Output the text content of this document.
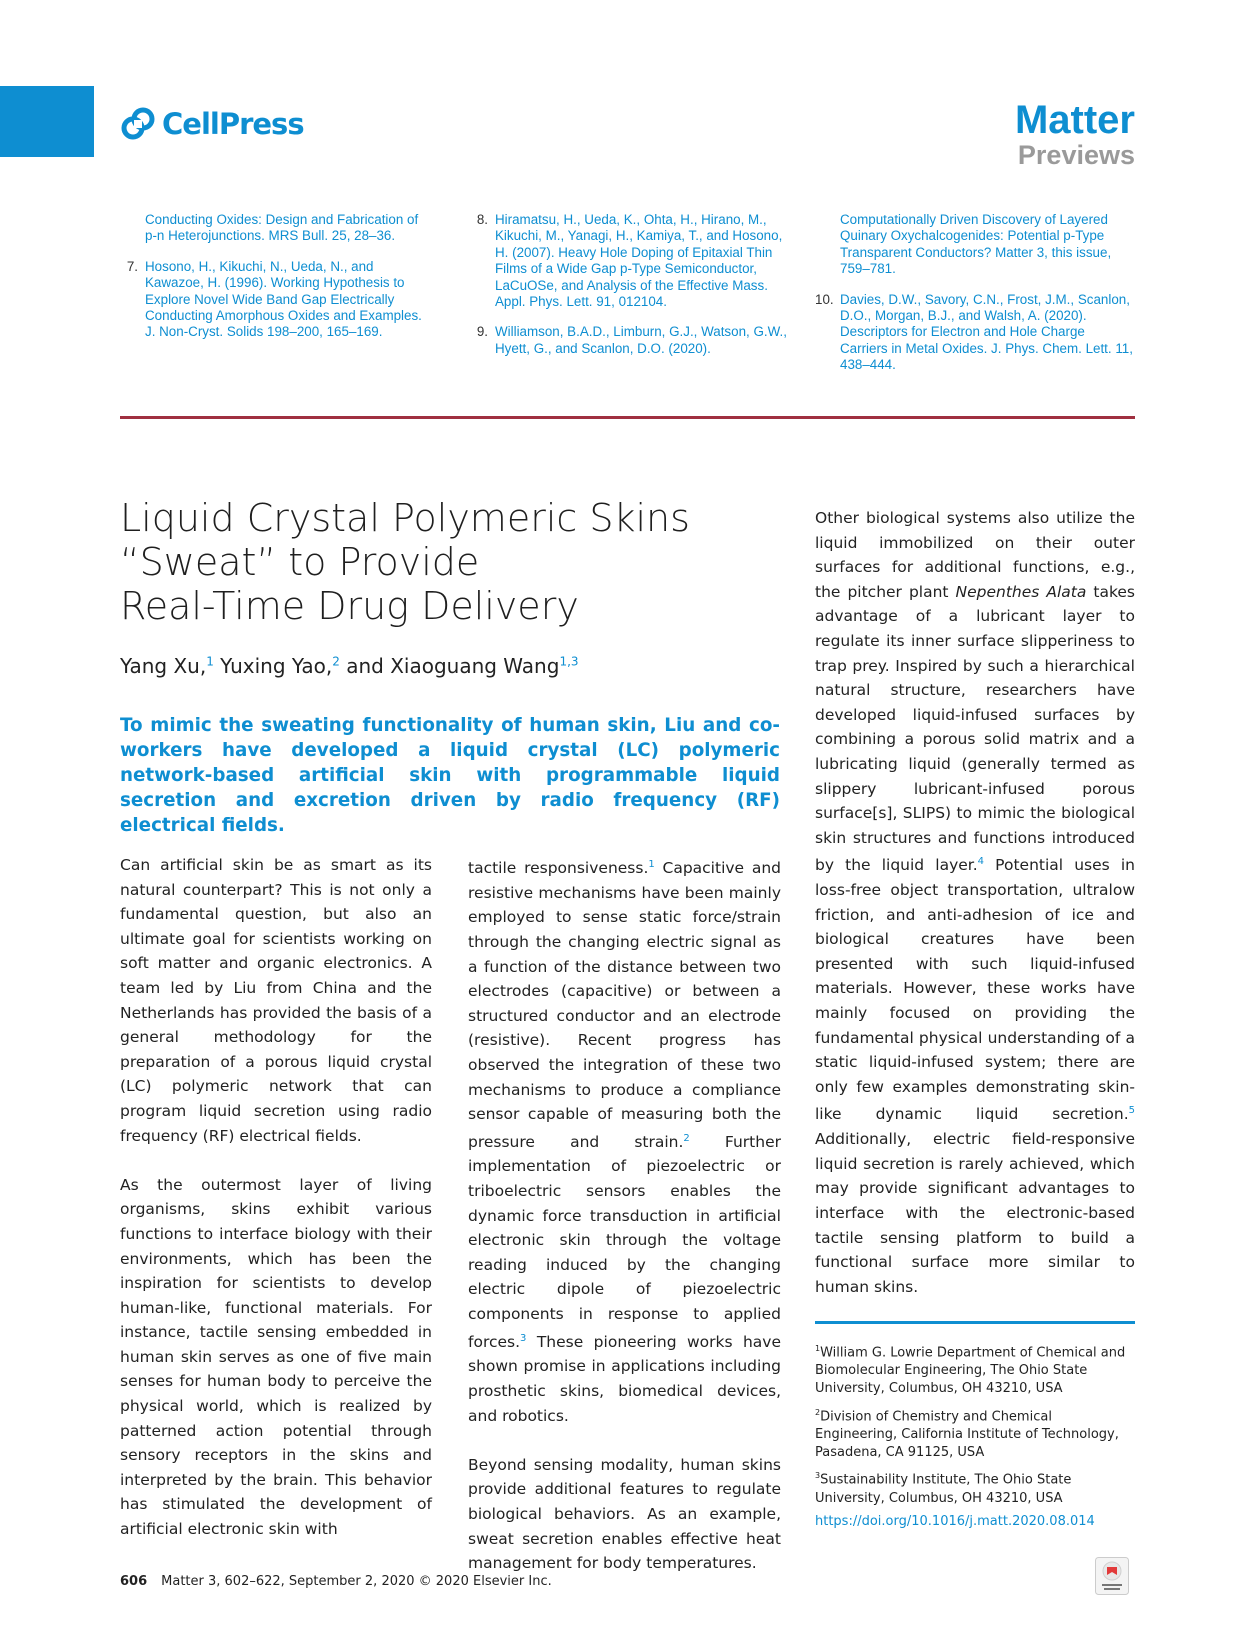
CellPress	Matter
Previews
Conducting Oxides: Design and Fabrication of p-n Heterojunctions. MRS Bull. 25, 28–36.
7. Hosono, H., Kikuchi, N., Ueda, N., and Kawazoe, H. (1996). Working Hypothesis to Explore Novel Wide Band Gap Electrically Conducting Amorphous Oxides and Examples. J. Non-Cryst. Solids 198–200, 165–169.
8. Hiramatsu, H., Ueda, K., Ohta, H., Hirano, M., Kikuchi, M., Yanagi, H., Kamiya, T., and Hosono, H. (2007). Heavy Hole Doping of Epitaxial Thin Films of a Wide Gap p-Type Semiconductor, LaCuOSe, and Analysis of the Effective Mass. Appl. Phys. Lett. 91, 012104.
9. Williamson, B.A.D., Limburn, G.J., Watson, G.W., Hyett, G., and Scanlon, D.O. (2020).
Computationally Driven Discovery of Layered Quinary Oxychalcogenides: Potential p-Type Transparent Conductors? Matter 3, this issue, 759–781.
10. Davies, D.W., Savory, C.N., Frost, J.M., Scanlon, D.O., Morgan, B.J., and Walsh, A. (2020). Descriptors for Electron and Hole Charge Carriers in Metal Oxides. J. Phys. Chem. Lett. 11, 438–444.
Liquid Crystal Polymeric Skins
“Sweat” to Provide
Real-Time Drug Delivery
Yang Xu,$^1$ Yuxing Yao,$^2$ and Xiaoguang Wang$^{1,3}$
To mimic the sweating functionality of human skin, Liu and co-workers have developed a liquid crystal (LC) polymeric network-based artificial skin with programmable liquid secretion and excretion driven by radio frequency (RF) electrical fields.

Can artificial skin be as smart as its natural counterpart? This is not only a fundamental question, but also an ultimate goal for scientists working on soft matter and organic electronics. A team led by Liu from China and the Netherlands has provided the basis of a general methodology for the preparation of a porous liquid crystal (LC) polymeric network that can program liquid secretion using radio frequency (RF) electrical fields.

As the outermost layer of living organisms, skins exhibit various functions to interface biology with their environments, which has been the inspiration for scientists to develop human-like, functional materials. For instance, tactile sensing embedded in human skin serves as one of five main senses for human body to perceive the physical world, which is realized by patterned action potential through sensory receptors in the skins and interpreted by the brain. This behavior has stimulated the development of artificial electronic skin with

tactile responsiveness.$^1$ Capacitive and resistive mechanisms have been mainly employed to sense static force/strain through the changing electric signal as a function of the distance between two electrodes (capacitive) or between a structured conductor and an electrode (resistive). Recent progress has observed the integration of these two mechanisms to produce a compliance sensor capable of measuring both the pressure and strain.$^2$ Further implementation of piezoelectric or triboelectric sensors enables the dynamic force transduction in artificial electronic skin through the voltage reading induced by the changing electric dipole of piezoelectric components in response to applied forces.$^3$ These pioneering works have shown promise in applications including prosthetic skins, biomedical devices, and robotics.

Beyond sensing modality, human skins provide additional features to regulate biological behaviors. As an example, sweat secretion enables effective heat management for body temperatures.

Other biological systems also utilize the liquid immobilized on their outer surfaces for additional functions, e.g., the pitcher plant Nepenthes Alata takes advantage of a lubricant layer to regulate its inner surface slipperiness to trap prey. Inspired by such a hierarchical natural structure, researchers have developed liquid-infused surfaces by combining a porous solid matrix and a lubricating liquid (generally termed as slippery lubricant-infused porous surface[s], SLIPS) to mimic the biological skin structures and functions introduced by the liquid layer.$^4$ Potential uses in loss-free object transportation, ultralow friction, and anti-adhesion of ice and biological creatures have been presented with such liquid-infused materials. However, these works have mainly focused on providing the fundamental physical understanding of a static liquid-infused system; there are only few examples demonstrating skin-like dynamic liquid secretion.$^5$ Additionally, electric field-responsive liquid secretion is rarely achieved, which may provide significant advantages to interface with the electronic-based tactile sensing platform to build a functional surface more similar to human skins.

$^1$William G. Lowrie Department of Chemical and Biomolecular Engineering, The Ohio State University, Columbus, OH 43210, USA
$^2$Division of Chemistry and Chemical Engineering, California Institute of Technology, Pasadena, CA 91125, USA
$^3$Sustainability Institute, The Ohio State University, Columbus, OH 43210, USA
https://doi.org/10.1016/j.matt.2020.08.014
606 Matter 3, 602–622, September 2, 2020 © 2020 Elsevier Inc.
